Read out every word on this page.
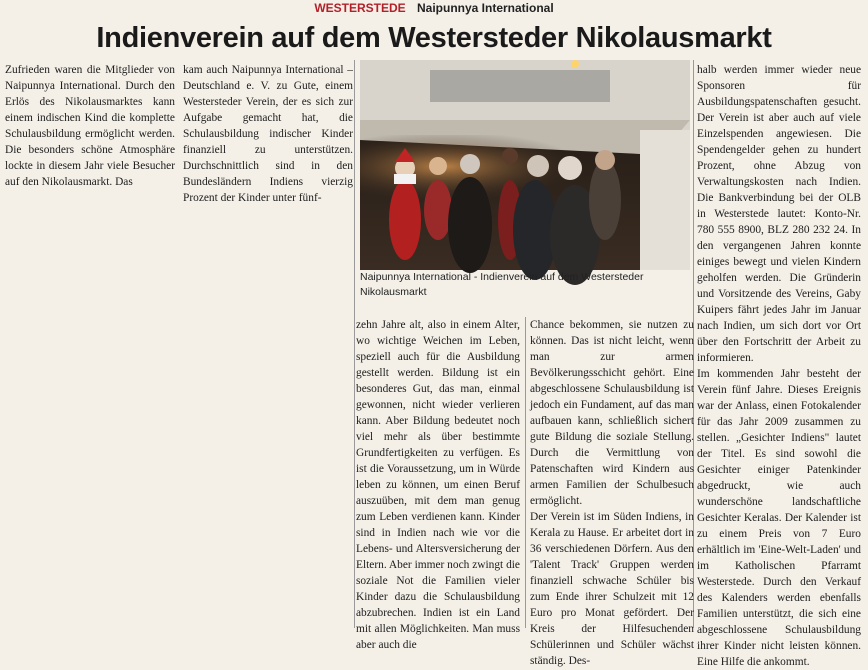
WESTERSTEDE Naipunnya International
Indienverein auf dem Westersteder Nikolausmarkt

Zufrieden waren die Mitglieder von Naipunnya International. Durch den Erlös des Nikolausmarktes kann einem indischen Kind die komplette Schulausbildung ermöglicht werden. Die besonders schöne Atmosphäre lockte in diesem Jahr viele Besucher auf den Nikolausmarkt. Das

kam auch Naipunnya International – Deutschland e. V. zu Gute, einem Westersteder Verein, der es sich zur Aufgabe gemacht hat, die Schulausbildung indischer Kinder finanziell zu unterstützen. Durchschnittlich sind in den Bundesländern Indiens vierzig Prozent der Kinder unter fünf-

Naipunnya International - Indienverein auf dem Westersteder Nikolausmarkt

zehn Jahre alt, also in einem Alter, wo wichtige Weichen im Leben, speziell auch für die Ausbildung gestellt werden. Bildung ist ein besonderes Gut, das man, einmal gewonnen, nicht wieder verlieren kann. Aber Bildung bedeutet noch viel mehr als über bestimmte Grundfertigkeiten zu verfügen. Es ist die Voraussetzung, um in Würde leben zu können, um einen Beruf auszuüben, mit dem man genug zum Leben verdienen kann. Kinder sind in Indien nach wie vor die Lebens- und Altersversicherung der Eltern. Aber immer noch zwingt die soziale Not die Familien vieler Kinder dazu die Schulausbildung abzubrechen. Indien ist ein Land mit allen Möglichkeiten. Man muss aber auch die

Chance bekommen, sie nutzen zu können. Das ist nicht leicht, wenn man zur armen Bevölkerungsschicht gehört. Eine abgeschlossene Schulausbildung ist jedoch ein Fundament, auf das man aufbauen kann, schließlich sichert gute Bildung die soziale Stellung. Durch die Vermittlung von Patenschaften wird Kindern aus armen Familien der Schulbesuch ermöglicht.

Der Verein ist im Süden Indiens, in Kerala zu Hause. Er arbeitet dort in 36 verschiedenen Dörfern. Aus den 'Talent Track' Gruppen werden finanziell schwache Schüler bis zum Ende ihrer Schulzeit mit 12 Euro pro Monat gefördert. Der Kreis der Hilfesuchenden Schülerinnen und Schüler wächst ständig. Des-

halb werden immer wieder neue Sponsoren für Ausbildungspatenschaften gesucht. Der Verein ist aber auch auf viele Einzelspenden angewiesen. Die Spendengelder gehen zu hundert Prozent, ohne Abzug von Verwaltungskosten nach Indien. Die Bankverbindung bei der OLB in Westerstede lautet: Konto-Nr. 780 555 8900, BLZ 280 232 24. In den vergangenen Jahren konnte einiges bewegt und vielen Kindern geholfen werden. Die Gründerin und Vorsitzende des Vereins, Gaby Kuipers fährt jedes Jahr im Januar nach Indien, um sich dort vor Ort über den Fortschritt der Arbeit zu informieren.

Im kommenden Jahr besteht der Verein fünf Jahre. Dieses Ereignis war der Anlass, einen Fotokalender für das Jahr 2009 zusammen zu stellen. „Gesichter Indiens" lautet der Titel. Es sind sowohl die Gesichter einiger Patenkinder abgedruckt, wie auch wunderschöne landschaftliche Gesichter Keralas. Der Kalender ist zu einem Preis von 7 Euro erhältlich im 'Eine-Welt-Laden' und im Katholischen Pfarramt Westerstede. Durch den Verkauf des Kalenders werden ebenfalls Familien unterstützt, die sich eine abgeschlossene Schulausbildung ihrer Kinder nicht leisten können. Eine Hilfe die ankommt.
